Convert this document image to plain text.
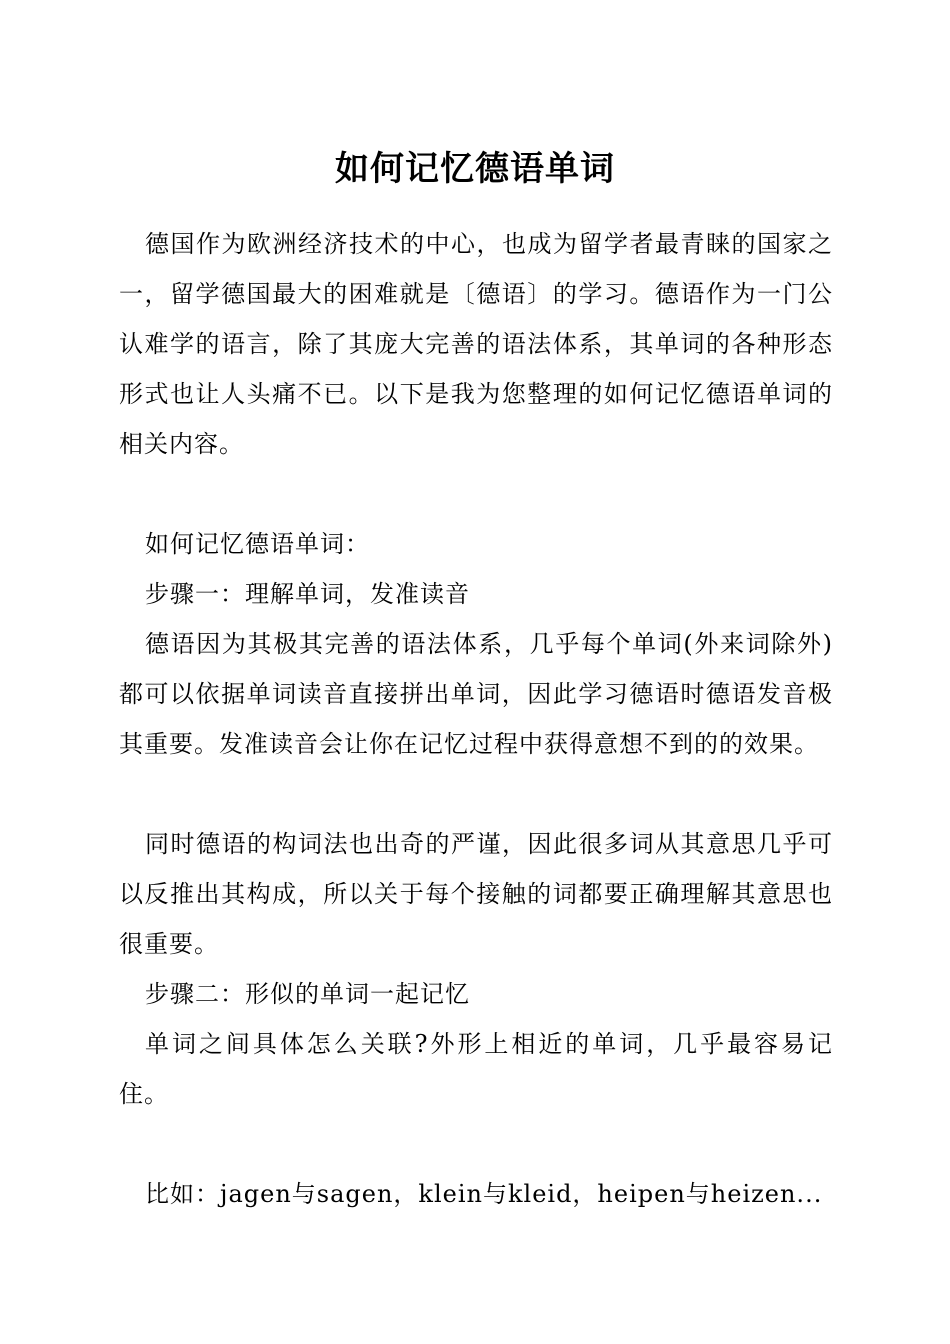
如何记忆德语单词

德国作为欧洲经济技术的中心，也成为留学者最青睐的国家之一，留学德国最大的困难就是〔德语〕的学习。德语作为一门公认难学的语言，除了其庞大完善的语法体系，其单词的各种形态形式也让人头痛不已。以下是我为您整理的如何记忆德语单词的相关内容。

如何记忆德语单词：

步骤一：理解单词，发准读音

德语因为其极其完善的语法体系，几乎每个单词(外来词除外)都可以依据单词读音直接拼出单词，因此学习德语时德语发音极其重要。发准读音会让你在记忆过程中获得意想不到的的效果。

同时德语的构词法也出奇的严谨，因此很多词从其意思几乎可以反推出其构成，所以关于每个接触的词都要正确理解其意思也很重要。

步骤二：形似的单词一起记忆

单词之间具体怎么关联?外形上相近的单词，几乎最容易记住。

比如：jagen与sagen，klein与kleid，heipen与heizen...
